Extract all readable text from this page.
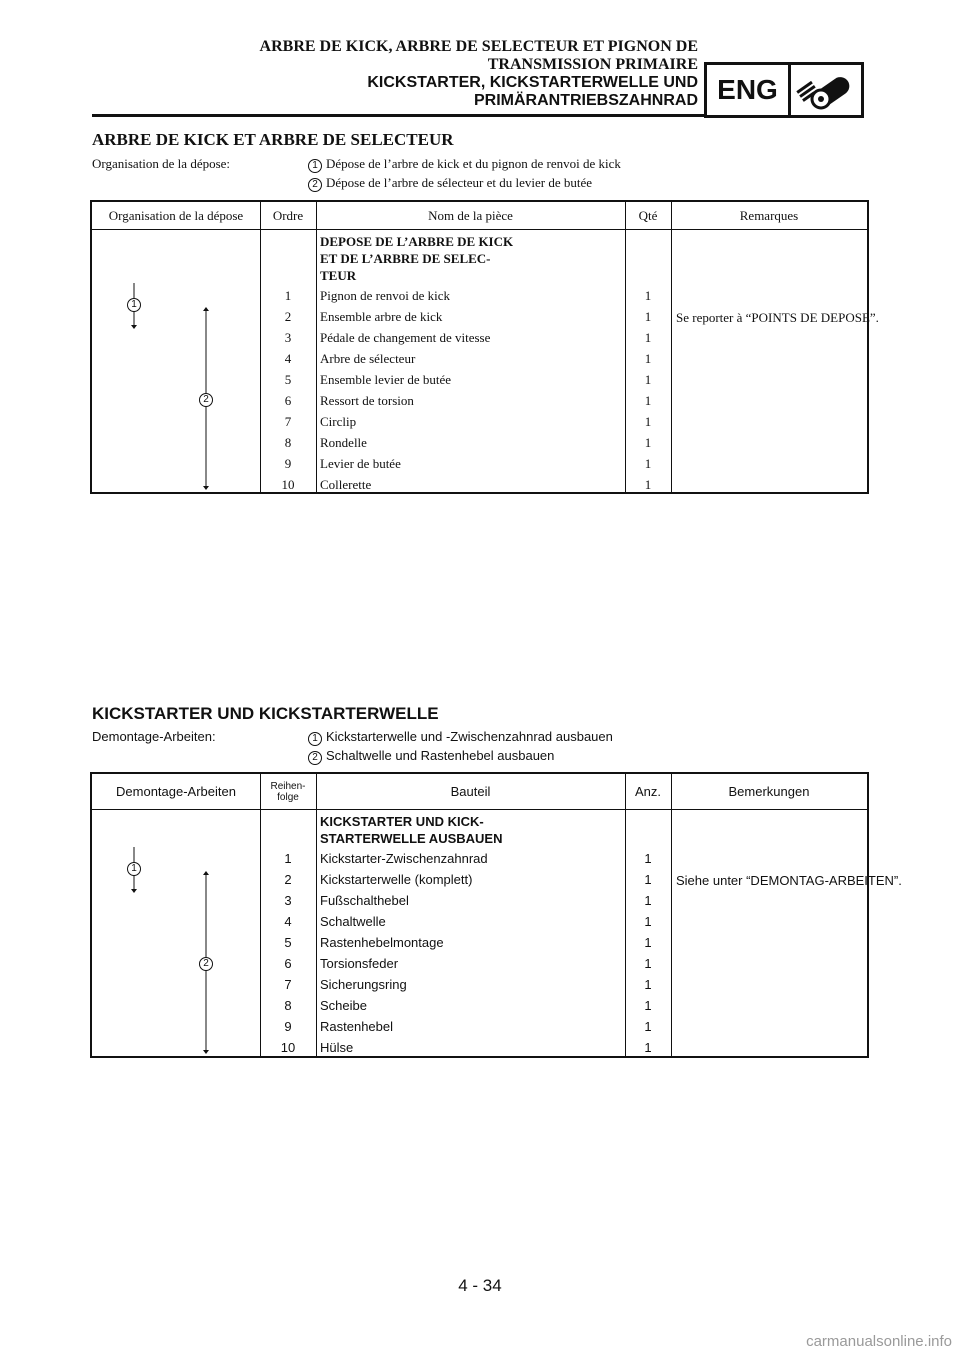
ARBRE DE KICK, ARBRE DE SELECTEUR ET PIGNON DE
TRANSMISSION PRIMAIRE
KICKSTARTER, KICKSTARTERWELLE UND
PRIMÄRANTRIEBSZAHNRAD ENG
ARBRE DE KICK ET ARBRE DE SELECTEUR
Organisation de la dépose:	1 Dépose de l’arbre de kick et du pignon de renvoi de kick
2 Dépose de l’arbre de sélecteur et du levier de butée
Organisation de la dépose	Ordre	Nom de la pièce	Qté	Remarques
DEPOSE DE L’ARBRE DE KICK
ET DE L’ARBRE DE SELEC-
TEUR
1	Pignon de renvoi de kick	1
2	Ensemble arbre de kick	1
3	Pédale de changement de vitesse	1
4	Arbre de sélecteur	1
5	Ensemble levier de butée	1
6	Ressort de torsion	1
7	Circlip	1
8	Rondelle	1
9	Levier de butée	1
10	Collerette	1
Se reporter à “POINTS DE DEPOSE”.
1
2
KICKSTARTER UND KICKSTARTERWELLE
Demontage-Arbeiten:	1 Kickstarterwelle und -Zwischenzahnrad ausbauen
2 Schaltwelle und Rastenhebel ausbauen
Demontage-Arbeiten	Reihen-
folge	Bauteil	Anz.	Bemerkungen
KICKSTARTER UND KICK-
STARTERWELLE AUSBAUEN
1	Kickstarter-Zwischenzahnrad	1
2	Kickstarterwelle (komplett)	1
3	Fußschalthebel	1
4	Schaltwelle	1
5	Rastenhebelmontage	1
6	Torsionsfeder	1
7	Sicherungsring	1
8	Scheibe	1
9	Rastenhebel	1
10	Hülse	1
Siehe unter “DEMONTAG-ARBEITEN”.
1
2
4 - 34
carmanualsonline.info
